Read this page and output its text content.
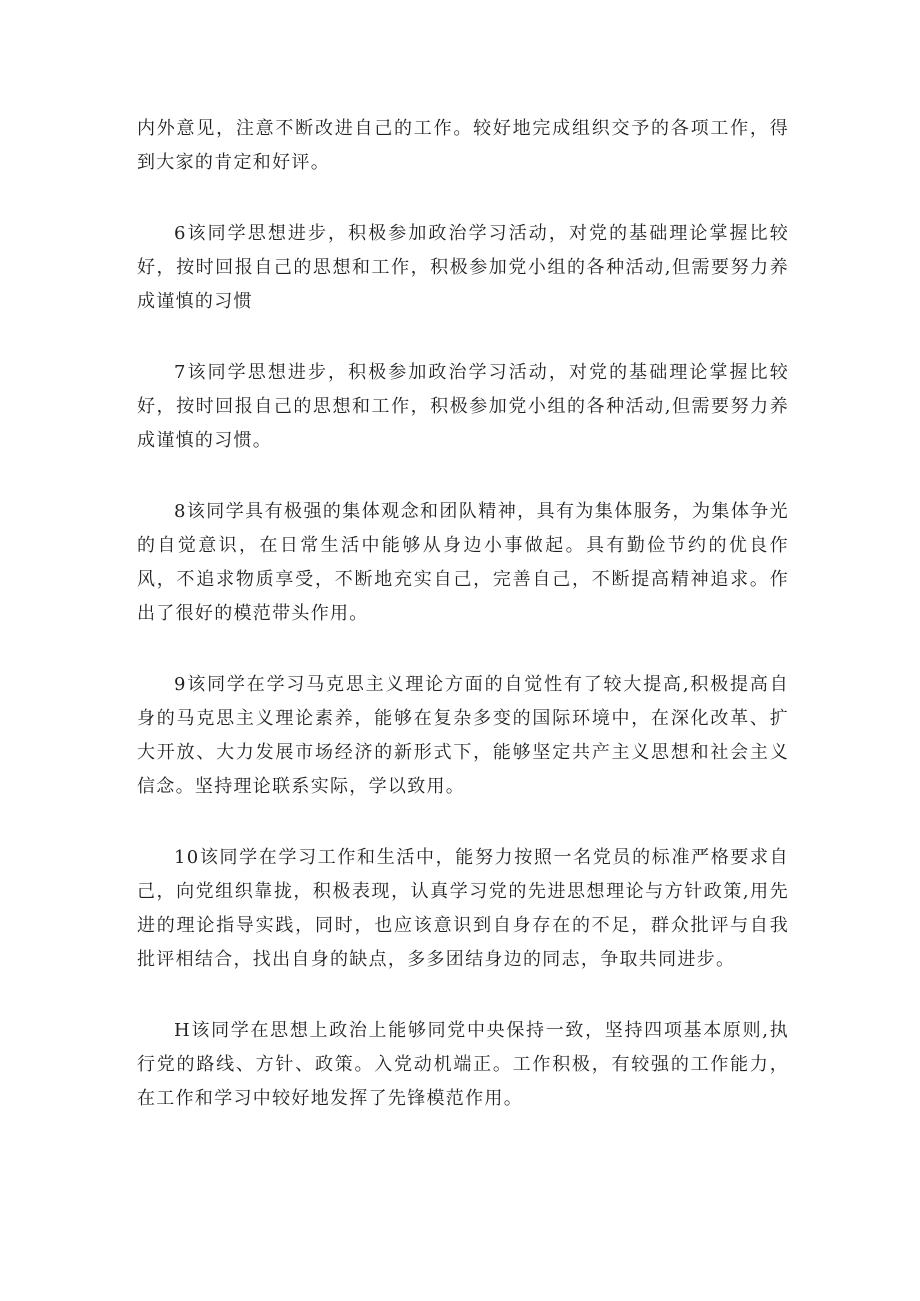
内外意见，注意不断改进自己的工作。较好地完成组织交予的各项工作，得到大家的肯定和好评。

6该同学思想进步，积极参加政治学习活动，对党的基础理论掌握比较好，按时回报自己的思想和工作，积极参加党小组的各种活动,但需要努力养成谨慎的习惯

7该同学思想进步，积极参加政治学习活动，对党的基础理论掌握比较好，按时回报自己的思想和工作，积极参加党小组的各种活动,但需要努力养成谨慎的习惯。

8该同学具有极强的集体观念和团队精神，具有为集体服务，为集体争光的自觉意识，在日常生活中能够从身边小事做起。具有勤俭节约的优良作风，不追求物质享受，不断地充实自己，完善自己，不断提高精神追求。作出了很好的模范带头作用。

9该同学在学习马克思主义理论方面的自觉性有了较大提高,积极提高自身的马克思主义理论素养，能够在复杂多变的国际环境中，在深化改革、扩大开放、大力发展市场经济的新形式下，能够坚定共产主义思想和社会主义信念。坚持理论联系实际，学以致用。

10该同学在学习工作和生活中，能努力按照一名党员的标准严格要求自己，向党组织靠拢，积极表现，认真学习党的先进思想理论与方针政策,用先进的理论指导实践，同时，也应该意识到自身存在的不足，群众批评与自我批评相结合，找出自身的缺点，多多团结身边的同志，争取共同进步。

H该同学在思想上政治上能够同党中央保持一致，坚持四项基本原则,执行党的路线、方针、政策。入党动机端正。工作积极，有较强的工作能力，在工作和学习中较好地发挥了先锋模范作用。
